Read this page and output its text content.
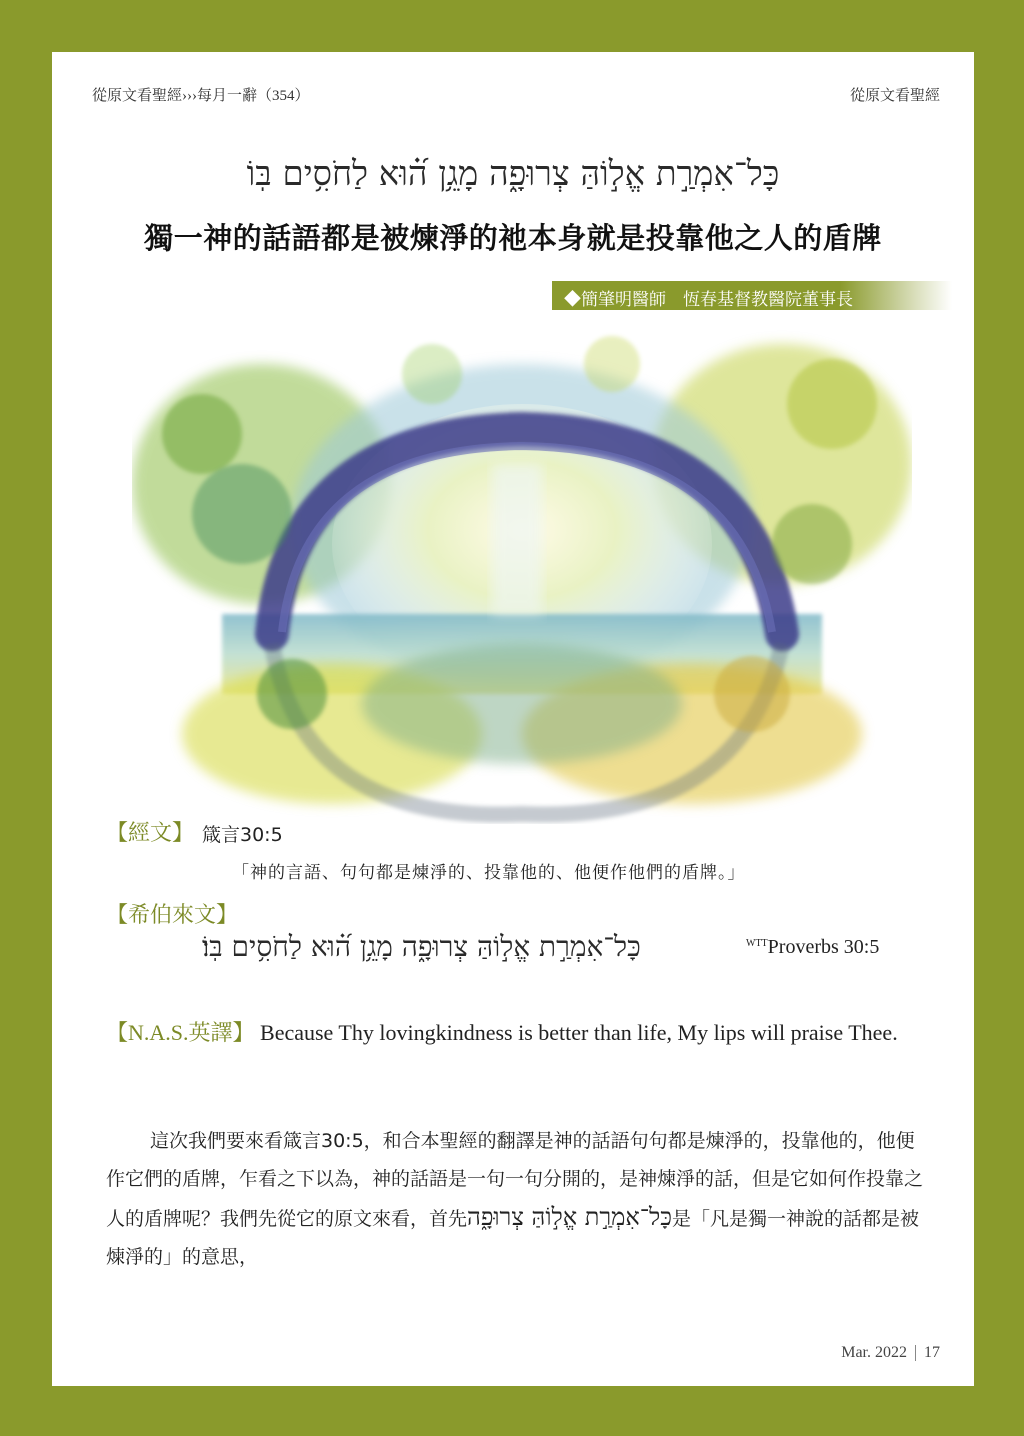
從原文看聖經›››每月一辭（354）	從原文看聖經
כָּל־אִמְרַ֣ת אֱל֣וֹהַּ צְרוּפָ֑ה מָגֵ֥ן ה֝֗וּא לַחֹסִ֥ים בּֽוֹ
獨一神的話語都是被煉淨的祂本身就是投靠他之人的盾牌
◆簡肇明醫師　恆春基督教醫院董事長
【經文】 箴言30:5
「神的言語、句句都是煉淨的、投靠他的、他便作他們的盾牌。」
【希伯來文】
כָּל־אִמְרַ֣ת אֱל֣וֹהַּ צְרוּפָ֑ה מָגֵ֥ן ה֝֗וּא לַחֹסִ֥ים בּֽוֹ׃	$^{WTT}$Proverbs 30:5
【N.A.S.英譯】 Because Thy lovingkindness is better than life, My lips will praise Thee.

這次我們要來看箴言30:5，和合本聖經的翻譯是神的話語句句都是煉淨的，投靠他的，他便作它們的盾牌，乍看之下以為，神的話語是一句一句分開的，是神煉淨的話，但是它如何作投靠之人的盾牌呢？我們先從它的原文來看，首先כָּל־אִמְרַ֣ת אֱל֣וֹהַּ צְרוּפָ֑ה是「凡是獨一神說的話都是被煉淨的」的意思，

Mar. 2022 17
